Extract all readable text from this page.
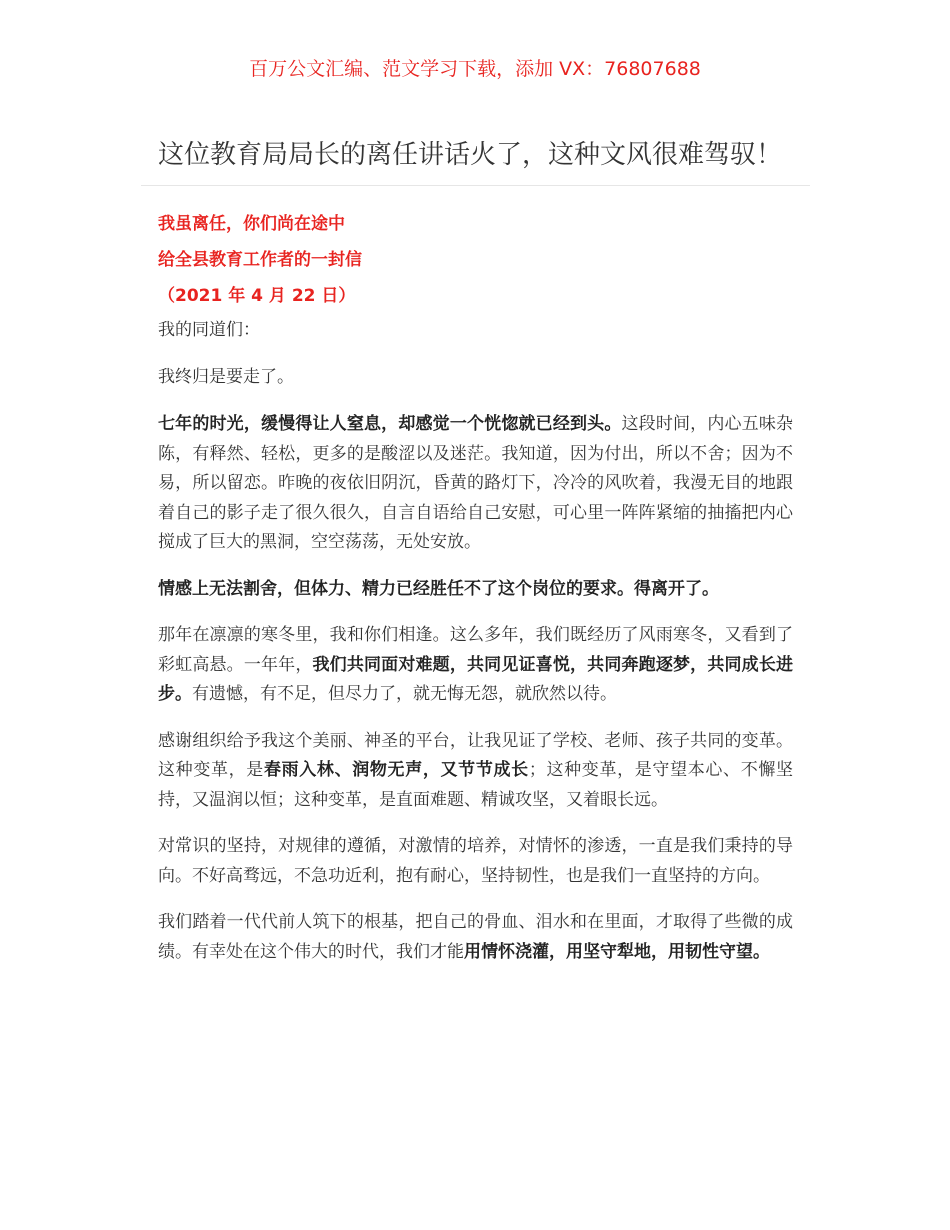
百万公文汇编、范文学习下载，添加 VX：76807688
这位教育局局长的离任讲话火了，这种文风很难驾驭！
我虽离任，你们尚在途中
给全县教育工作者的一封信
（2021 年 4 月 22 日）

我的同道们：

我终归是要走了。

七年的时光，缓慢得让人窒息，却感觉一个恍惚就已经到头。这段时间，内心五味杂陈，有释然、轻松，更多的是酸涩以及迷茫。我知道，因为付出，所以不舍；因为不易，所以留恋。昨晚的夜依旧阴沉，昏黄的路灯下，冷冷的风吹着，我漫无目的地跟着自己的影子走了很久很久，自言自语给自己安慰，可心里一阵阵紧缩的抽搐把内心搅成了巨大的黑洞，空空荡荡，无处安放。

情感上无法割舍，但体力、精力已经胜任不了这个岗位的要求。得离开了。

那年在凛凛的寒冬里，我和你们相逢。这么多年，我们既经历了风雨寒冬，又看到了彩虹高悬。一年年，我们共同面对难题，共同见证喜悦，共同奔跑逐梦，共同成长进步。有遗憾，有不足，但尽力了，就无悔无怨，就欣然以待。

感谢组织给予我这个美丽、神圣的平台，让我见证了学校、老师、孩子共同的变革。这种变革，是春雨入林、润物无声，又节节成长；这种变革，是守望本心、不懈坚持，又温润以恒；这种变革，是直面难题、精诚攻坚，又着眼长远。

对常识的坚持，对规律的遵循，对激情的培养，对情怀的渗透，一直是我们秉持的导向。不好高骛远，不急功近利，抱有耐心，坚持韧性，也是我们一直坚持的方向。

我们踏着一代代前人筑下的根基，把自己的骨血、泪水和在里面，才取得了些微的成绩。有幸处在这个伟大的时代，我们才能用情怀浇灌，用坚守犁地，用韧性守望。
